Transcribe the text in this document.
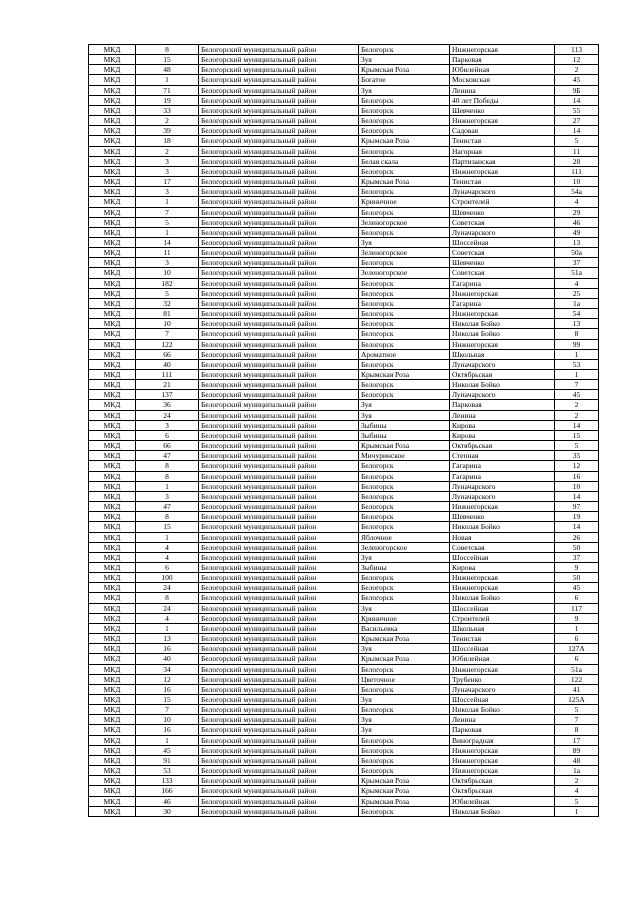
МКД	8	Белогорский муниципальный район	Белогорск	Нижнегорская	113
МКД	15	Белогорский муниципальный район	Зуя	Парковая	12
МКД	48	Белогорский муниципальный район	Крымская Роза	Юбилейная	2
МКД	1	Белогорский муниципальный район	Богатое	Московская	45
МКД	71	Белогорский муниципальный район	Зуя	Ленина	9Б
МКД	19	Белогорский муниципальный район	Белогорск	40 лет Победы	14
МКД	33	Белогорский муниципальный район	Белогорск	Шевченко	55
МКД	2	Белогорский муниципальный район	Белогорск	Нижнегорская	27
МКД	39	Белогорский муниципальный район	Белогорск	Садовая	14
МКД	18	Белогорский муниципальный район	Крымская Роза	Тенистая	5
МКД	2	Белогорский муниципальный район	Белогорск	Нагорная	11
МКД	3	Белогорский муниципальный район	Белая скала	Партизанская	28
МКД	3	Белогорский муниципальный район	Белогорск	Нижнегорская	111
МКД	17	Белогорский муниципальный район	Крымская Роза	Тенистая	10
МКД	3	Белогорский муниципальный район	Белогорск	Луначарского	54а
МКД	1	Белогорский муниципальный район	Криничное	Строителей	4
МКД	7	Белогорский муниципальный район	Белогорск	Шевченко	29
МКД	5	Белогорский муниципальный район	Зеленогорское	Советская	46
МКД	1	Белогорский муниципальный район	Белогорск	Луначарского	49
МКД	14	Белогорский муниципальный район	Зуя	Шоссейная	13
МКД	11	Белогорский муниципальный район	Зеленогорское	Советская	50а
МКД	3	Белогорский муниципальный район	Белогорск	Шевченко	37
МКД	10	Белогорский муниципальный район	Зеленогорское	Советская	51а
МКД	182	Белогорский муниципальный район	Белогорск	Гагарина	4
МКД	5	Белогорский муниципальный район	Белогорск	Нижнегорская	25
МКД	32	Белогорский муниципальный район	Белогорск	Гагарина	1а
МКД	81	Белогорский муниципальный район	Белогорск	Нижнегорская	54
МКД	10	Белогорский муниципальный район	Белогорск	Николая Бойко	13
МКД	7	Белогорский муниципальный район	Белогорск	Николая Бойко	8
МКД	122	Белогорский муниципальный район	Белогорск	Нижнегорская	99
МКД	66	Белогорский муниципальный район	Ароматное	Школьная	1
МКД	40	Белогорский муниципальный район	Белогорск	Луначарского	53
МКД	111	Белогорский муниципальный район	Крымская Роза	Октябрьская	1
МКД	21	Белогорский муниципальный район	Белогорск	Николая Бойко	7
МКД	137	Белогорский муниципальный район	Белогорск	Луначарского	45
МКД	36	Белогорский муниципальный район	Зуя	Парковая	2
МКД	24	Белогорский муниципальный район	Зуя	Ленина	2
МКД	3	Белогорский муниципальный район	Зыбины	Кирова	14
МКД	6	Белогорский муниципальный район	Зыбины	Кирова	15
МКД	66	Белогорский муниципальный район	Крымская Роза	Октябрьская	5
МКД	47	Белогорский муниципальный район	Мичуринское	Степная	35
МКД	8	Белогорский муниципальный район	Белогорск	Гагарина	12
МКД	8	Белогорский муниципальный район	Белогорск	Гагарина	16
МКД	1	Белогорский муниципальный район	Белогорск	Луначарского	10
МКД	3	Белогорский муниципальный район	Белогорск	Луначарского	14
МКД	47	Белогорский муниципальный район	Белогорск	Нижнегорская	97
МКД	8	Белогорский муниципальный район	Белогорск	Шевченко	19
МКД	15	Белогорский муниципальный район	Белогорск	Николая Бойко	14
МКД	1	Белогорский муниципальный район	Яблочное	Новая	26
МКД	4	Белогорский муниципальный район	Зеленогорское	Советская	50
МКД	4	Белогорский муниципальный район	Зуя	Шоссейная	37
МКД	6	Белогорский муниципальный район	Зыбины	Кирова	9
МКД	100	Белогорский муниципальный район	Белогорск	Нижнегорская	50
МКД	24	Белогорский муниципальный район	Белогорск	Нижнегорская	45
МКД	8	Белогорский муниципальный район	Белогорск	Николая Бойко	6
МКД	24	Белогорский муниципальный район	Зуя	Шоссейная	117
МКД	4	Белогорский муниципальный район	Криничное	Строителей	9
МКД	1	Белогорский муниципальный район	Васильевка	Школьная	1
МКД	13	Белогорский муниципальный район	Крымская Роза	Тенистая	6
МКД	16	Белогорский муниципальный район	Зуя	Шоссейная	127А
МКД	40	Белогорский муниципальный район	Крымская Роза	Юбилейная	6
МКД	34	Белогорский муниципальный район	Белогорск	Нижнегорская	51а
МКД	12	Белогорский муниципальный район	Цветочное	Трубенко	122
МКД	16	Белогорский муниципальный район	Белогорск	Луначарского	41
МКД	15	Белогорский муниципальный район	Зуя	Шоссейная	125А
МКД	7	Белогорский муниципальный район	Белогорск	Николая Бойко	5
МКД	10	Белогорский муниципальный район	Зуя	Ленина	7
МКД	16	Белогорский муниципальный район	Зуя	Парковая	8
МКД	1	Белогорский муниципальный район	Белогорск	Виноградная	17
МКД	45	Белогорский муниципальный район	Белогорск	Нижнегорская	89
МКД	91	Белогорский муниципальный район	Белогорск	Нижнегорская	48
МКД	53	Белогорский муниципальный район	Белогорск	Нижнегорская	1а
МКД	133	Белогорский муниципальный район	Крымская Роза	Октябрьская	2
МКД	166	Белогорский муниципальный район	Крымская Роза	Октябрьская	4
МКД	46	Белогорский муниципальный район	Крымская Роза	Юбилейная	5
МКД	30	Белогорский муниципальный район	Белогорск	Николая Бойко	1
